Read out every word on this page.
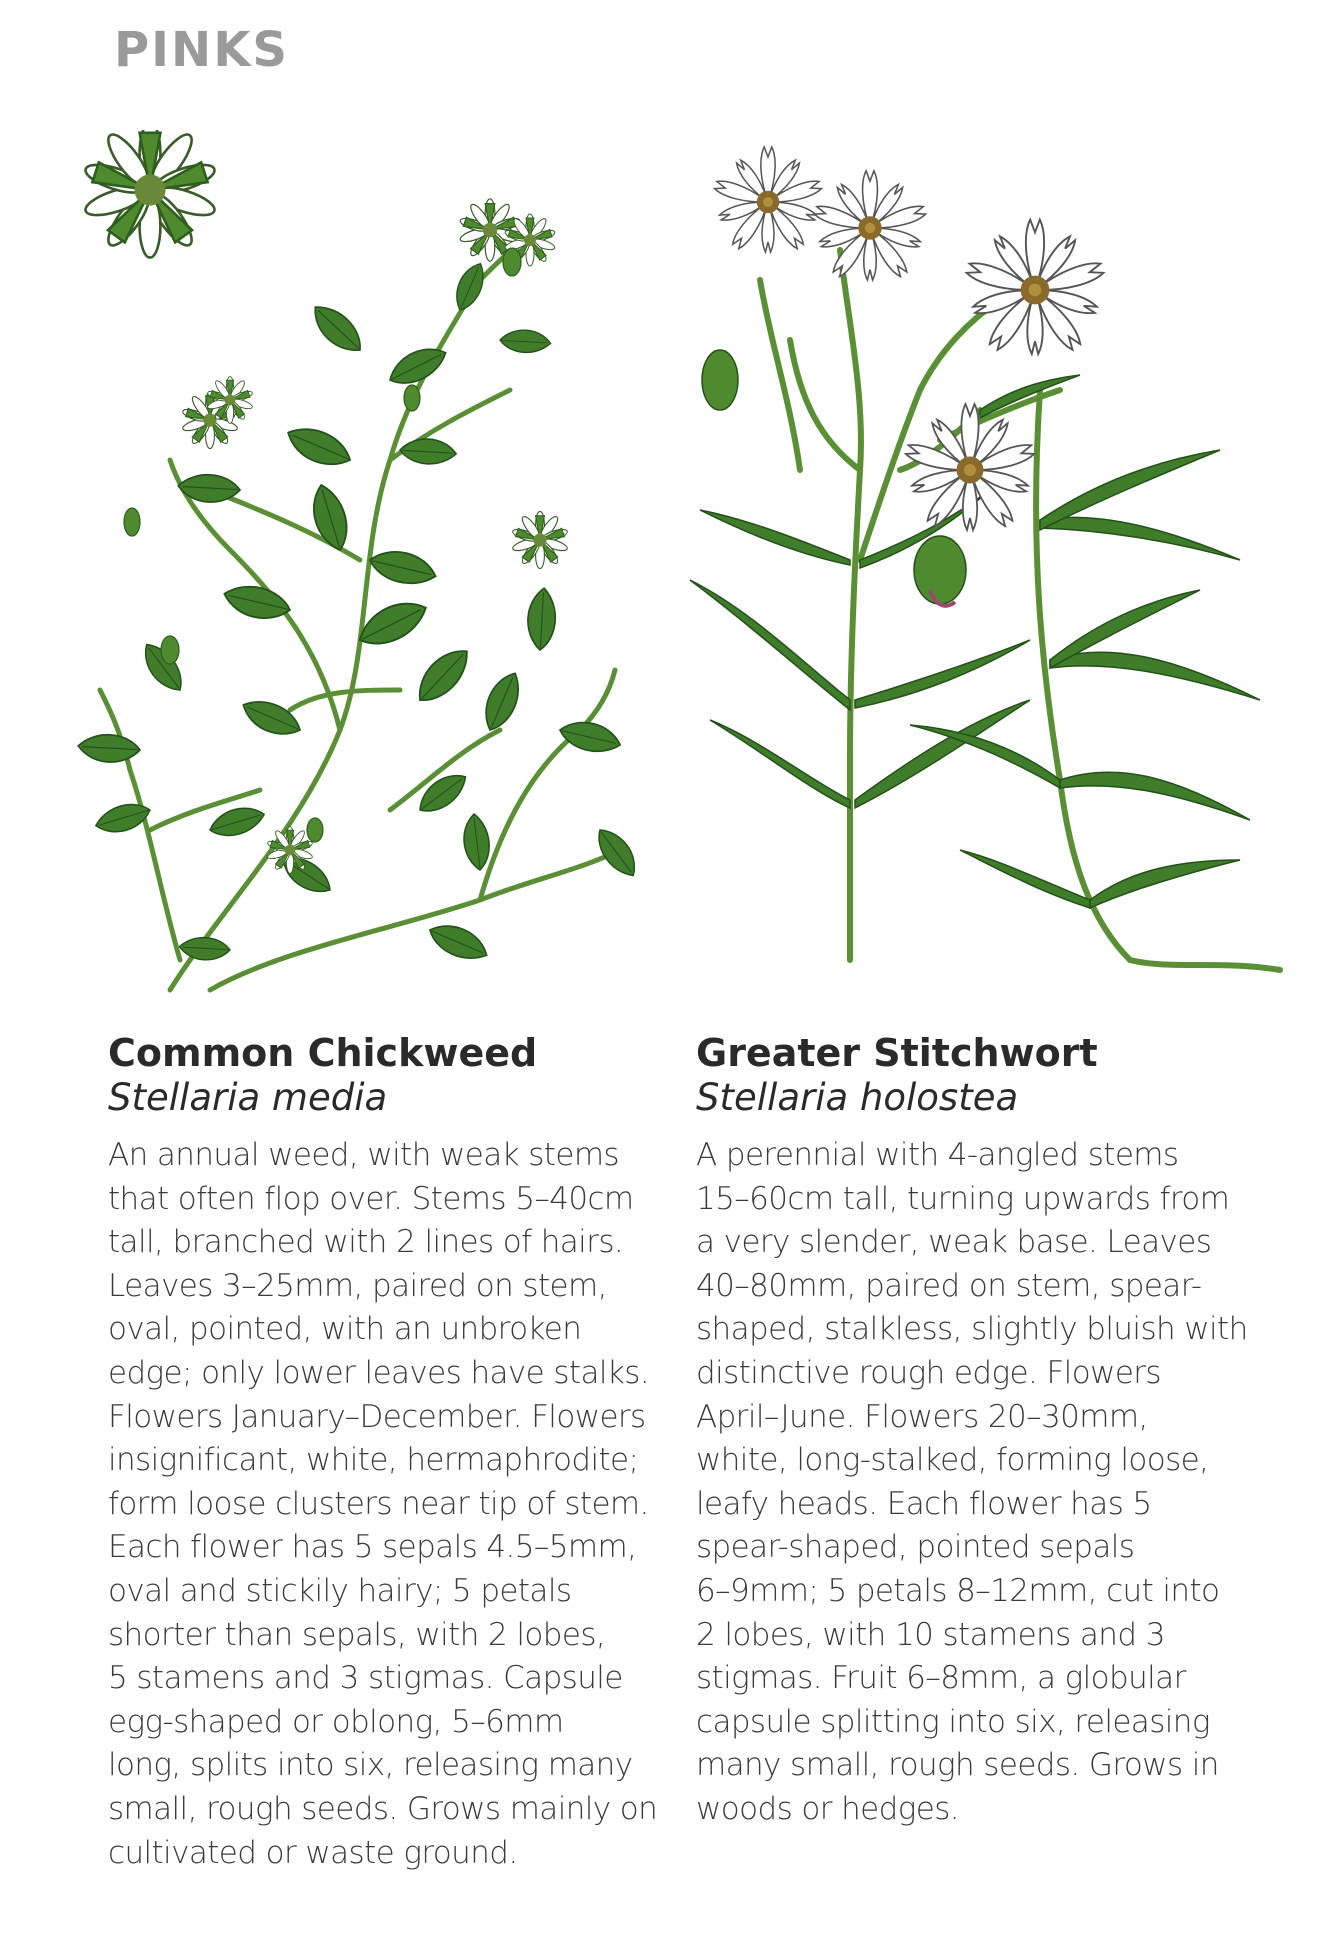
PINKS
Common Chickweed
Stellaria media
An annual weed, with weak stems
that often flop over. Stems 5–40cm
tall, branched with 2 lines of hairs.
Leaves 3–25mm, paired on stem,
oval, pointed, with an unbroken
edge; only lower leaves have stalks.
Flowers January–December. Flowers
insignificant, white, hermaphrodite;
form loose clusters near tip of stem.
Each flower has 5 sepals 4.5–5mm,
oval and stickily hairy; 5 petals
shorter than sepals, with 2 lobes,
5 stamens and 3 stigmas. Capsule
egg-shaped or oblong, 5–6mm
long, splits into six, releasing many
small, rough seeds. Grows mainly on
cultivated or waste ground.
Greater Stitchwort
Stellaria holostea
A perennial with 4-angled stems
15–60cm tall, turning upwards from
a very slender, weak base. Leaves
40–80mm, paired on stem, spear-
shaped, stalkless, slightly bluish with
distinctive rough edge. Flowers
April–June. Flowers 20–30mm,
white, long-stalked, forming loose,
leafy heads. Each flower has 5
spear-shaped, pointed sepals
6–9mm; 5 petals 8–12mm, cut into
2 lobes, with 10 stamens and 3
stigmas. Fruit 6–8mm, a globular
capsule splitting into six, releasing
many small, rough seeds. Grows in
woods or hedges.
